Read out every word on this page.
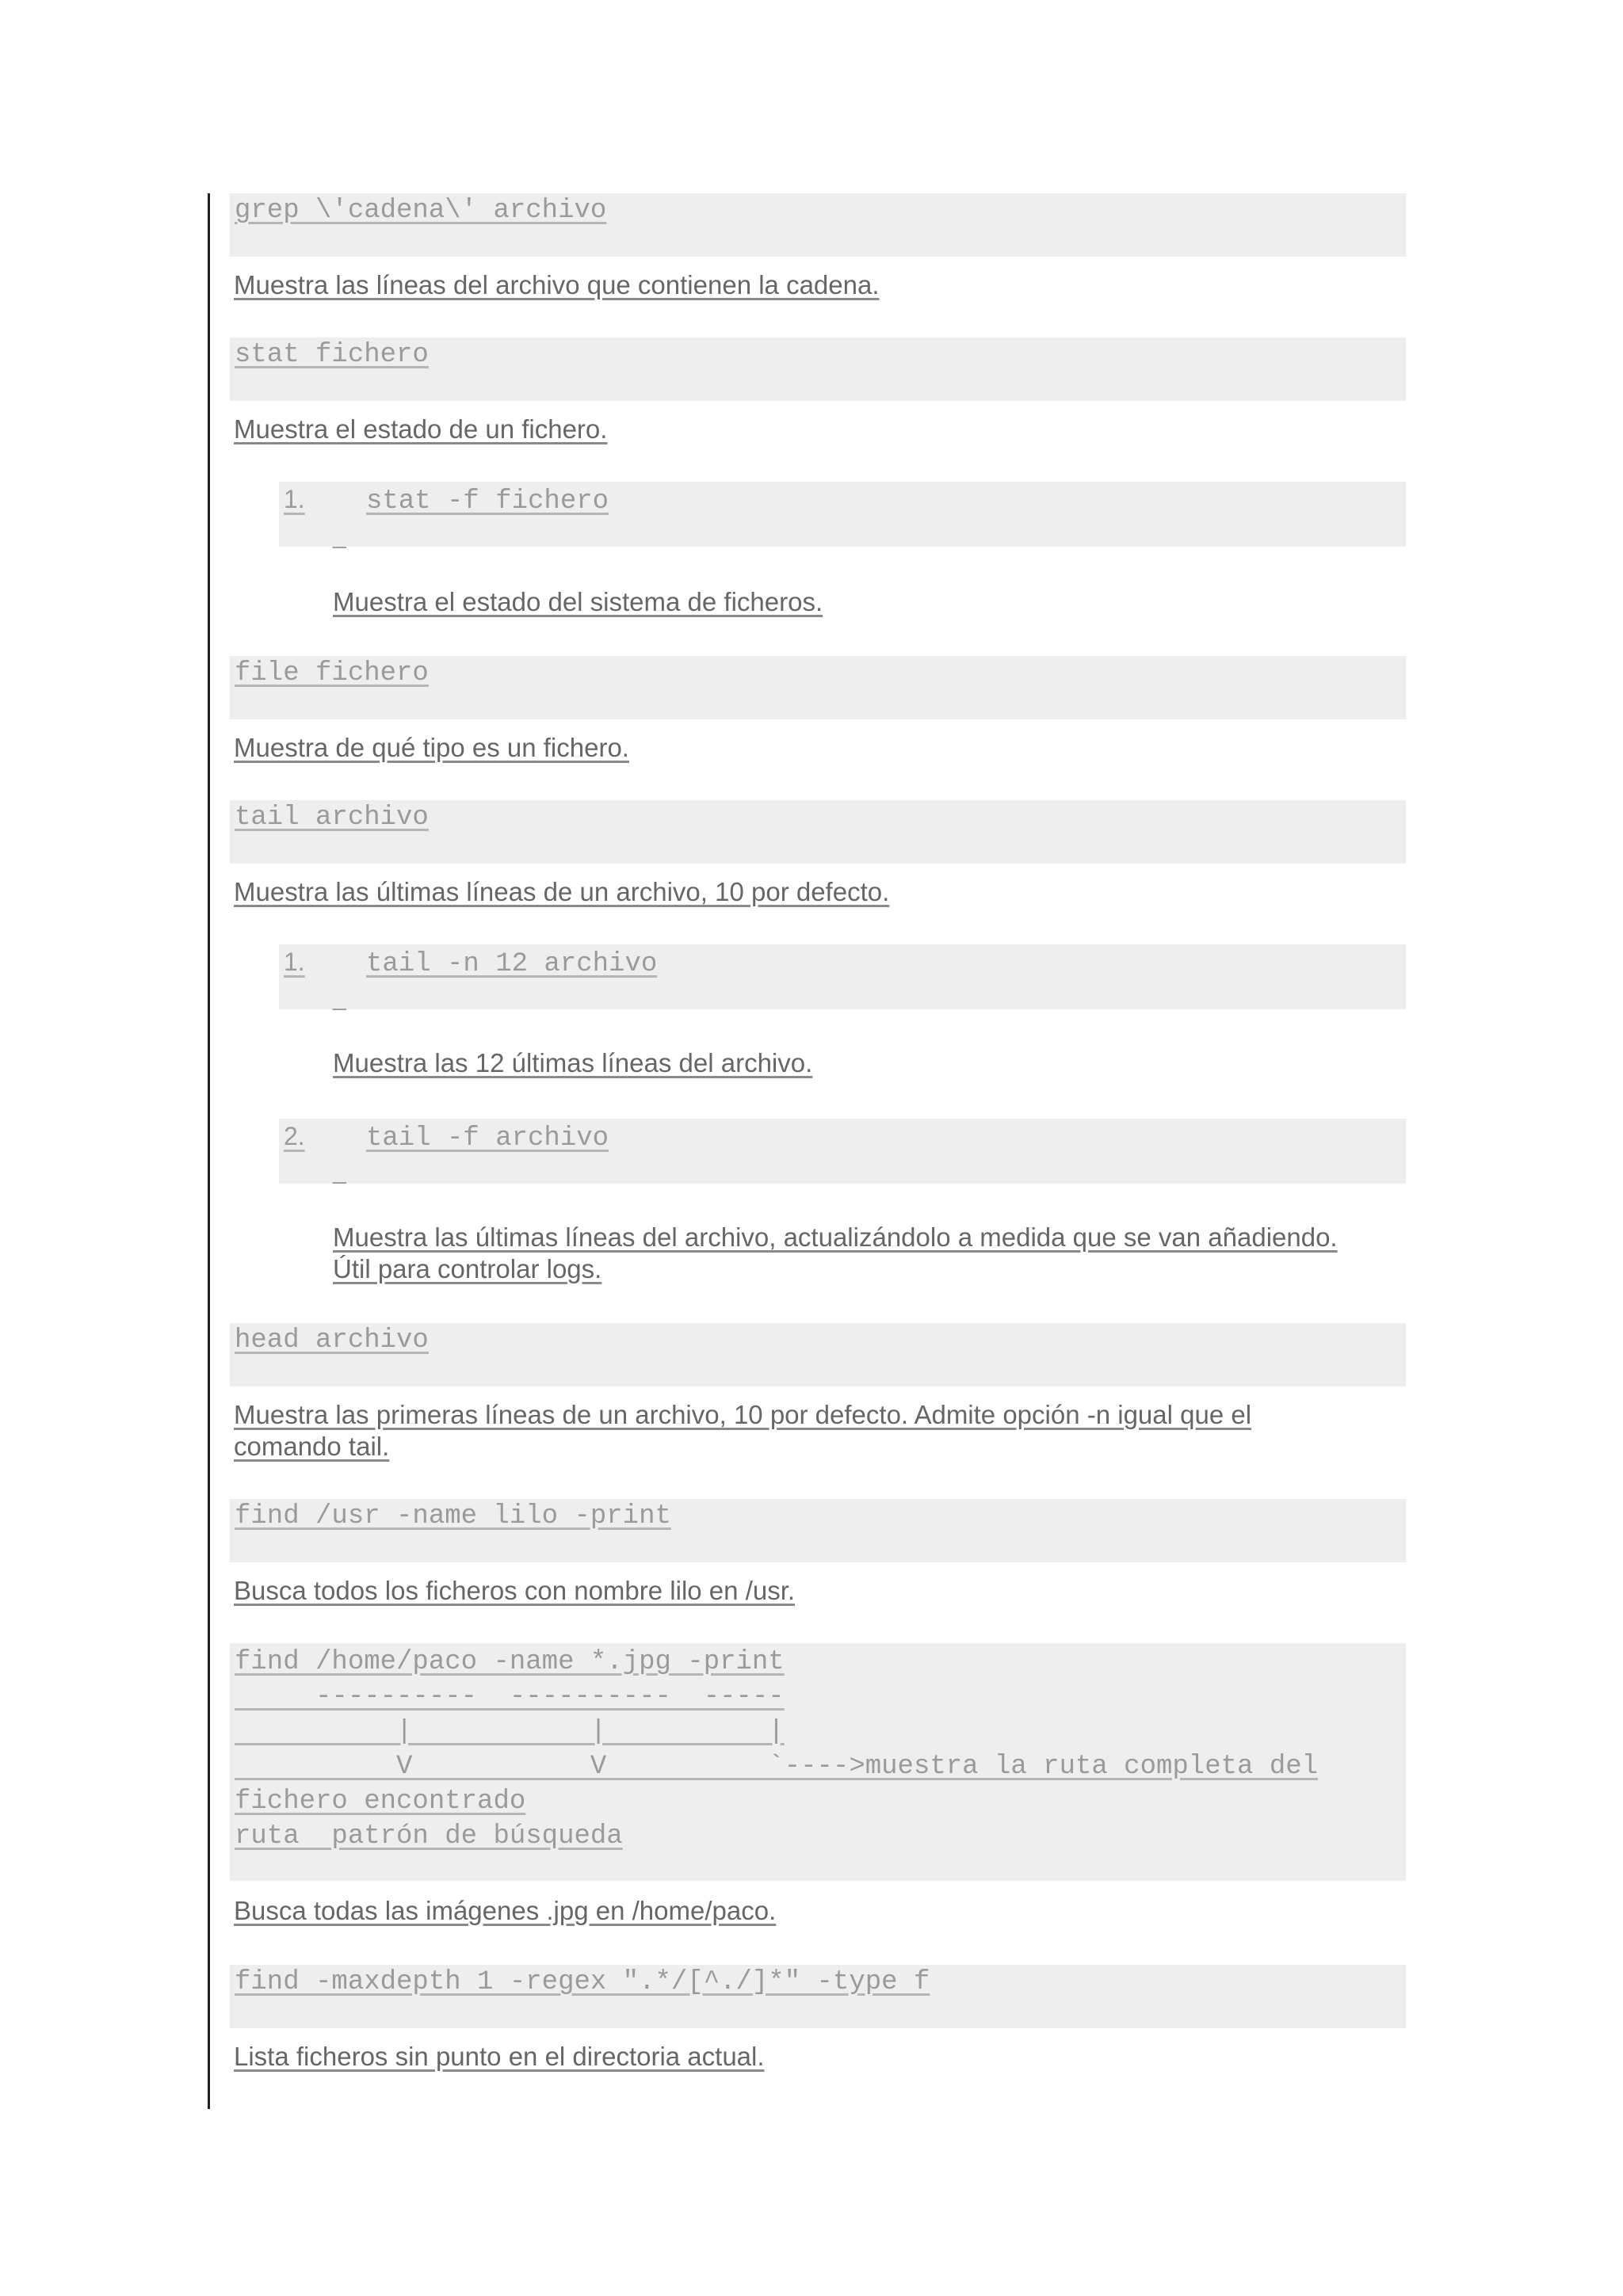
grep \'cadena\' archivo

Muestra las líneas del archivo que contienen la cadena.

stat fichero

Muestra el estado de un fichero.

1. stat -f fichero
_

Muestra el estado del sistema de ficheros.

file fichero

Muestra de qué tipo es un fichero.

tail archivo

Muestra las últimas líneas de un archivo, 10 por defecto.

1. tail -n 12 archivo
_

Muestra las 12 últimas líneas del archivo.

2. tail -f archivo
_

Muestra las últimas líneas del archivo, actualizándolo a medida que se van añadiendo.
Útil para controlar logs.

head archivo

Muestra las primeras líneas de un archivo, 10 por defecto. Admite opción -n igual que el
comando tail.

find /usr -name lilo -print

Busca todos los ficheros con nombre lilo en /usr.

find /home/paco -name *.jpg -print
----------  ----------  -----
|           |          |
V           V          `---->muestra la ruta completa del
fichero encontrado
ruta  patrón de búsqueda

Busca todas las imágenes .jpg en /home/paco.

find -maxdepth 1 -regex ".*/[^./]*" -type f

Lista ficheros sin punto en el directoria actual.
